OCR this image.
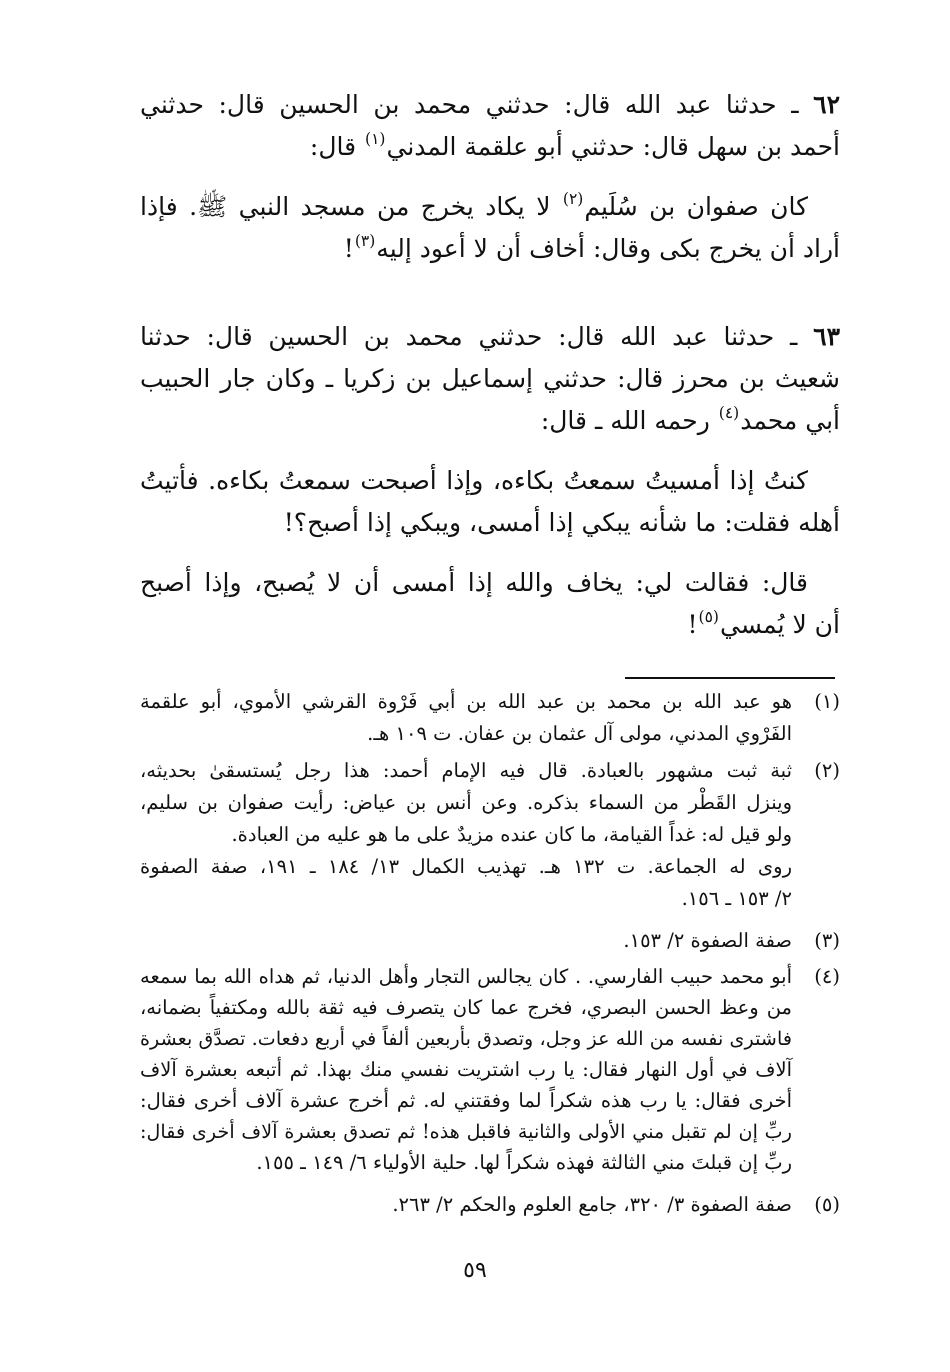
٦٢ ـ حدثنا عبد الله قال: حدثني محمد بن الحسين قال: حدثني
أحمد بن سهل قال: حدثني أبو علقمة المدني$^{(١)}$ قال:
كان صفوان بن سُلَيم$^{(٢)}$ لا يكاد يخرج من مسجد النبي ﷺ. فإذا
أراد أن يخرج بكى وقال: أخاف أن لا أعود إليه$^{(٣)}$!
٦٣ ـ حدثنا عبد الله قال: حدثني محمد بن الحسين قال: حدثنا
شعيث بن محرز قال: حدثني إسماعيل بن زكريا ـ وكان جار الحبيب
أبي محمد$^{(٤)}$ رحمه الله ـ قال:
كنتُ إذا أمسيتُ سمعتُ بكاءه، وإذا أصبحت سمعتُ بكاءه. فأتيتُ
أهله فقلت: ما شأنه يبكي إذا أمسى، ويبكي إذا أصبح؟!
قال: فقالت لي: يخاف والله إذا أمسى أن لا يُصبح، وإذا أصبح
أن لا يُمسي$^{(٥)}$!
(١)
هو عبد الله بن محمد بن عبد الله بن أبي فَرْوة القرشي الأموي، أبو علقمة
الفَرْوي المدني، مولى آل عثمان بن عفان. ت ١٠٩ هـ.
(٢)
ثبة ثبت مشهور بالعبادة. قال فيه الإمام أحمد: هذا رجل يُستسقىٰ بحديثه،
وينزل القَطْر من السماء بذكره. وعن أنس بن عياض: رأيت صفوان بن سليم،
ولو قيل له: غداً القيامة، ما كان عنده مزيدٌ على ما هو عليه من العبادة.
روى له الجماعة. ت ١٣٢ هـ. تهذيب الكمال ١٣/ ١٨٤ ـ ١٩١، صفة الصفوة
٢/ ١٥٣ ـ ١٥٦.
(٣)
صفة الصفوة ٢/ ١٥٣.
(٤)
أبو محمد حبيب الفارسي. . كان يجالس التجار وأهل الدنيا، ثم هداه الله بما سمعه
من وعظ الحسن البصري، فخرج عما كان يتصرف فيه ثقة بالله ومكتفياً بضمانه،
فاشترى نفسه من الله عز وجل، وتصدق بأربعين ألفاً في أربع دفعات. تصدَّق بعشرة
آلاف في أول النهار فقال: يا رب اشتريت نفسي منك بهذا. ثم أتبعه بعشرة آلاف
أخرى فقال: يا رب هذه شكراً لما وفقتني له. ثم أخرج عشرة آلاف أخرى فقال:
ربِّ إن لم تقبل مني الأولى والثانية فاقبل هذه! ثم تصدق بعشرة آلاف أخرى فقال:
ربِّ إن قبلتَ مني الثالثة فهذه شكراً لها. حلية الأولياء ٦/ ١٤٩ ـ ١٥٥.
(٥)
صفة الصفوة ٣/ ٣٢٠، جامع العلوم والحكم ٢/ ٢٦٣.
٥٩
